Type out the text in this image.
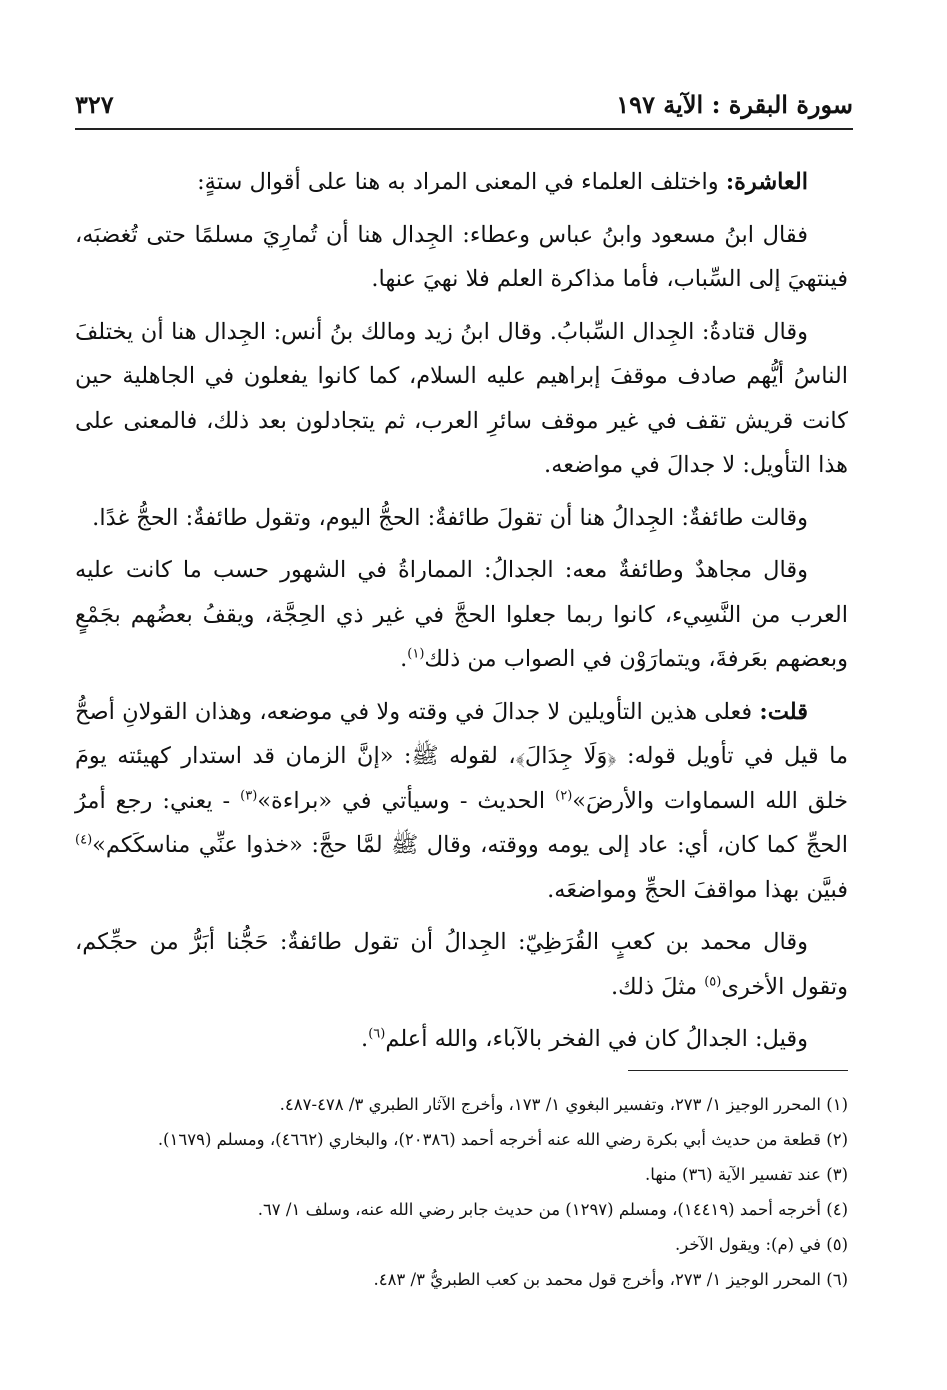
سورة البقرة : الآية ١٩٧
٣٢٧

العاشرة: واختلف العلماء في المعنى المراد به هنا على أقوال ستةٍ:

فقال ابنُ مسعود وابنُ عباس وعطاء: الجِدال هنا أن تُمارِيَ مسلمًا حتى تُغضبَه، فينتهيَ إلى السِّباب، فأما مذاكرة العلم فلا نهيَ عنها.

وقال قتادةُ: الجِدال السِّبابُ. وقال ابنُ زيد ومالك بنُ أنس: الجِدال هنا أن يختلفَ الناسُ أيُّهم صادف موقفَ إبراهيم عليه السلام، كما كانوا يفعلون في الجاهلية حين كانت قريش تقف في غير موقف سائرِ العرب، ثم يتجادلون بعد ذلك، فالمعنى على هذا التأويل: لا جدالَ في مواضعه.

وقالت طائفةٌ: الجِدالُ هنا أن تقولَ طائفةٌ: الحجُّ اليوم، وتقول طائفةٌ: الحجُّ غدًا.

وقال مجاهدٌ وطائفةٌ معه: الجدالُ: المماراةُ في الشهور حسب ما كانت عليه العرب من النَّسِيء، كانوا ربما جعلوا الحجَّ في غير ذي الحِجَّة، ويقفُ بعضُهم بجَمْعٍ وبعضهم بعَرفةَ، ويتمارَوْن في الصواب من ذلك$^{(١)}$.

قلت: فعلى هذين التأويلين لا جدالَ في وقته ولا في موضعه، وهذان القولانِ أصحُّ ما قيل في تأويل قوله: ﴿وَلَا جِدَالَ﴾، لقوله ﷺ: «إنَّ الزمان قد استدار كهيئته يومَ خلق الله السماوات والأرضَ»$^{(٢)}$ الحديث - وسيأتي في «براءة»$^{(٣)}$ - يعني: رجع أمرُ الحجِّ كما كان، أي: عاد إلى يومه ووقته، وقال ﷺ لمَّا حجَّ: «خذوا عنِّي مناسكَكم»$^{(٤)}$ فبيَّن بهذا مواقفَ الحجِّ ومواضعَه.

وقال محمد بن كعبٍ القُرَظِيّ: الجِدالُ أن تقول طائفةٌ: حَجُّنا أبَرُّ من حجِّكم، وتقول الأخرى$^{(٥)}$ مثلَ ذلك.

وقيل: الجدالُ كان في الفخر بالآباء، والله أعلم$^{(٦)}$.

(١) المحرر الوجيز ١/ ٢٧٣، وتفسير البغوي ١/ ١٧٣، وأخرج الآثار الطبري ٣/ ٤٧٨-٤٨٧.
(٢) قطعة من حديث أبي بكرة رضي الله عنه أخرجه أحمد (٢٠٣٨٦)، والبخاري (٤٦٦٢)، ومسلم (١٦٧٩).
(٣) عند تفسير الآية (٣٦) منها.
(٤) أخرجه أحمد (١٤٤١٩)، ومسلم (١٢٩٧) من حديث جابر رضي الله عنه، وسلف ١/ ٦٧.
(٥) في (م): ويقول الآخر.
(٦) المحرر الوجيز ١/ ٢٧٣، وأخرج قول محمد بن كعب الطبريُّ ٣/ ٤٨٣.
